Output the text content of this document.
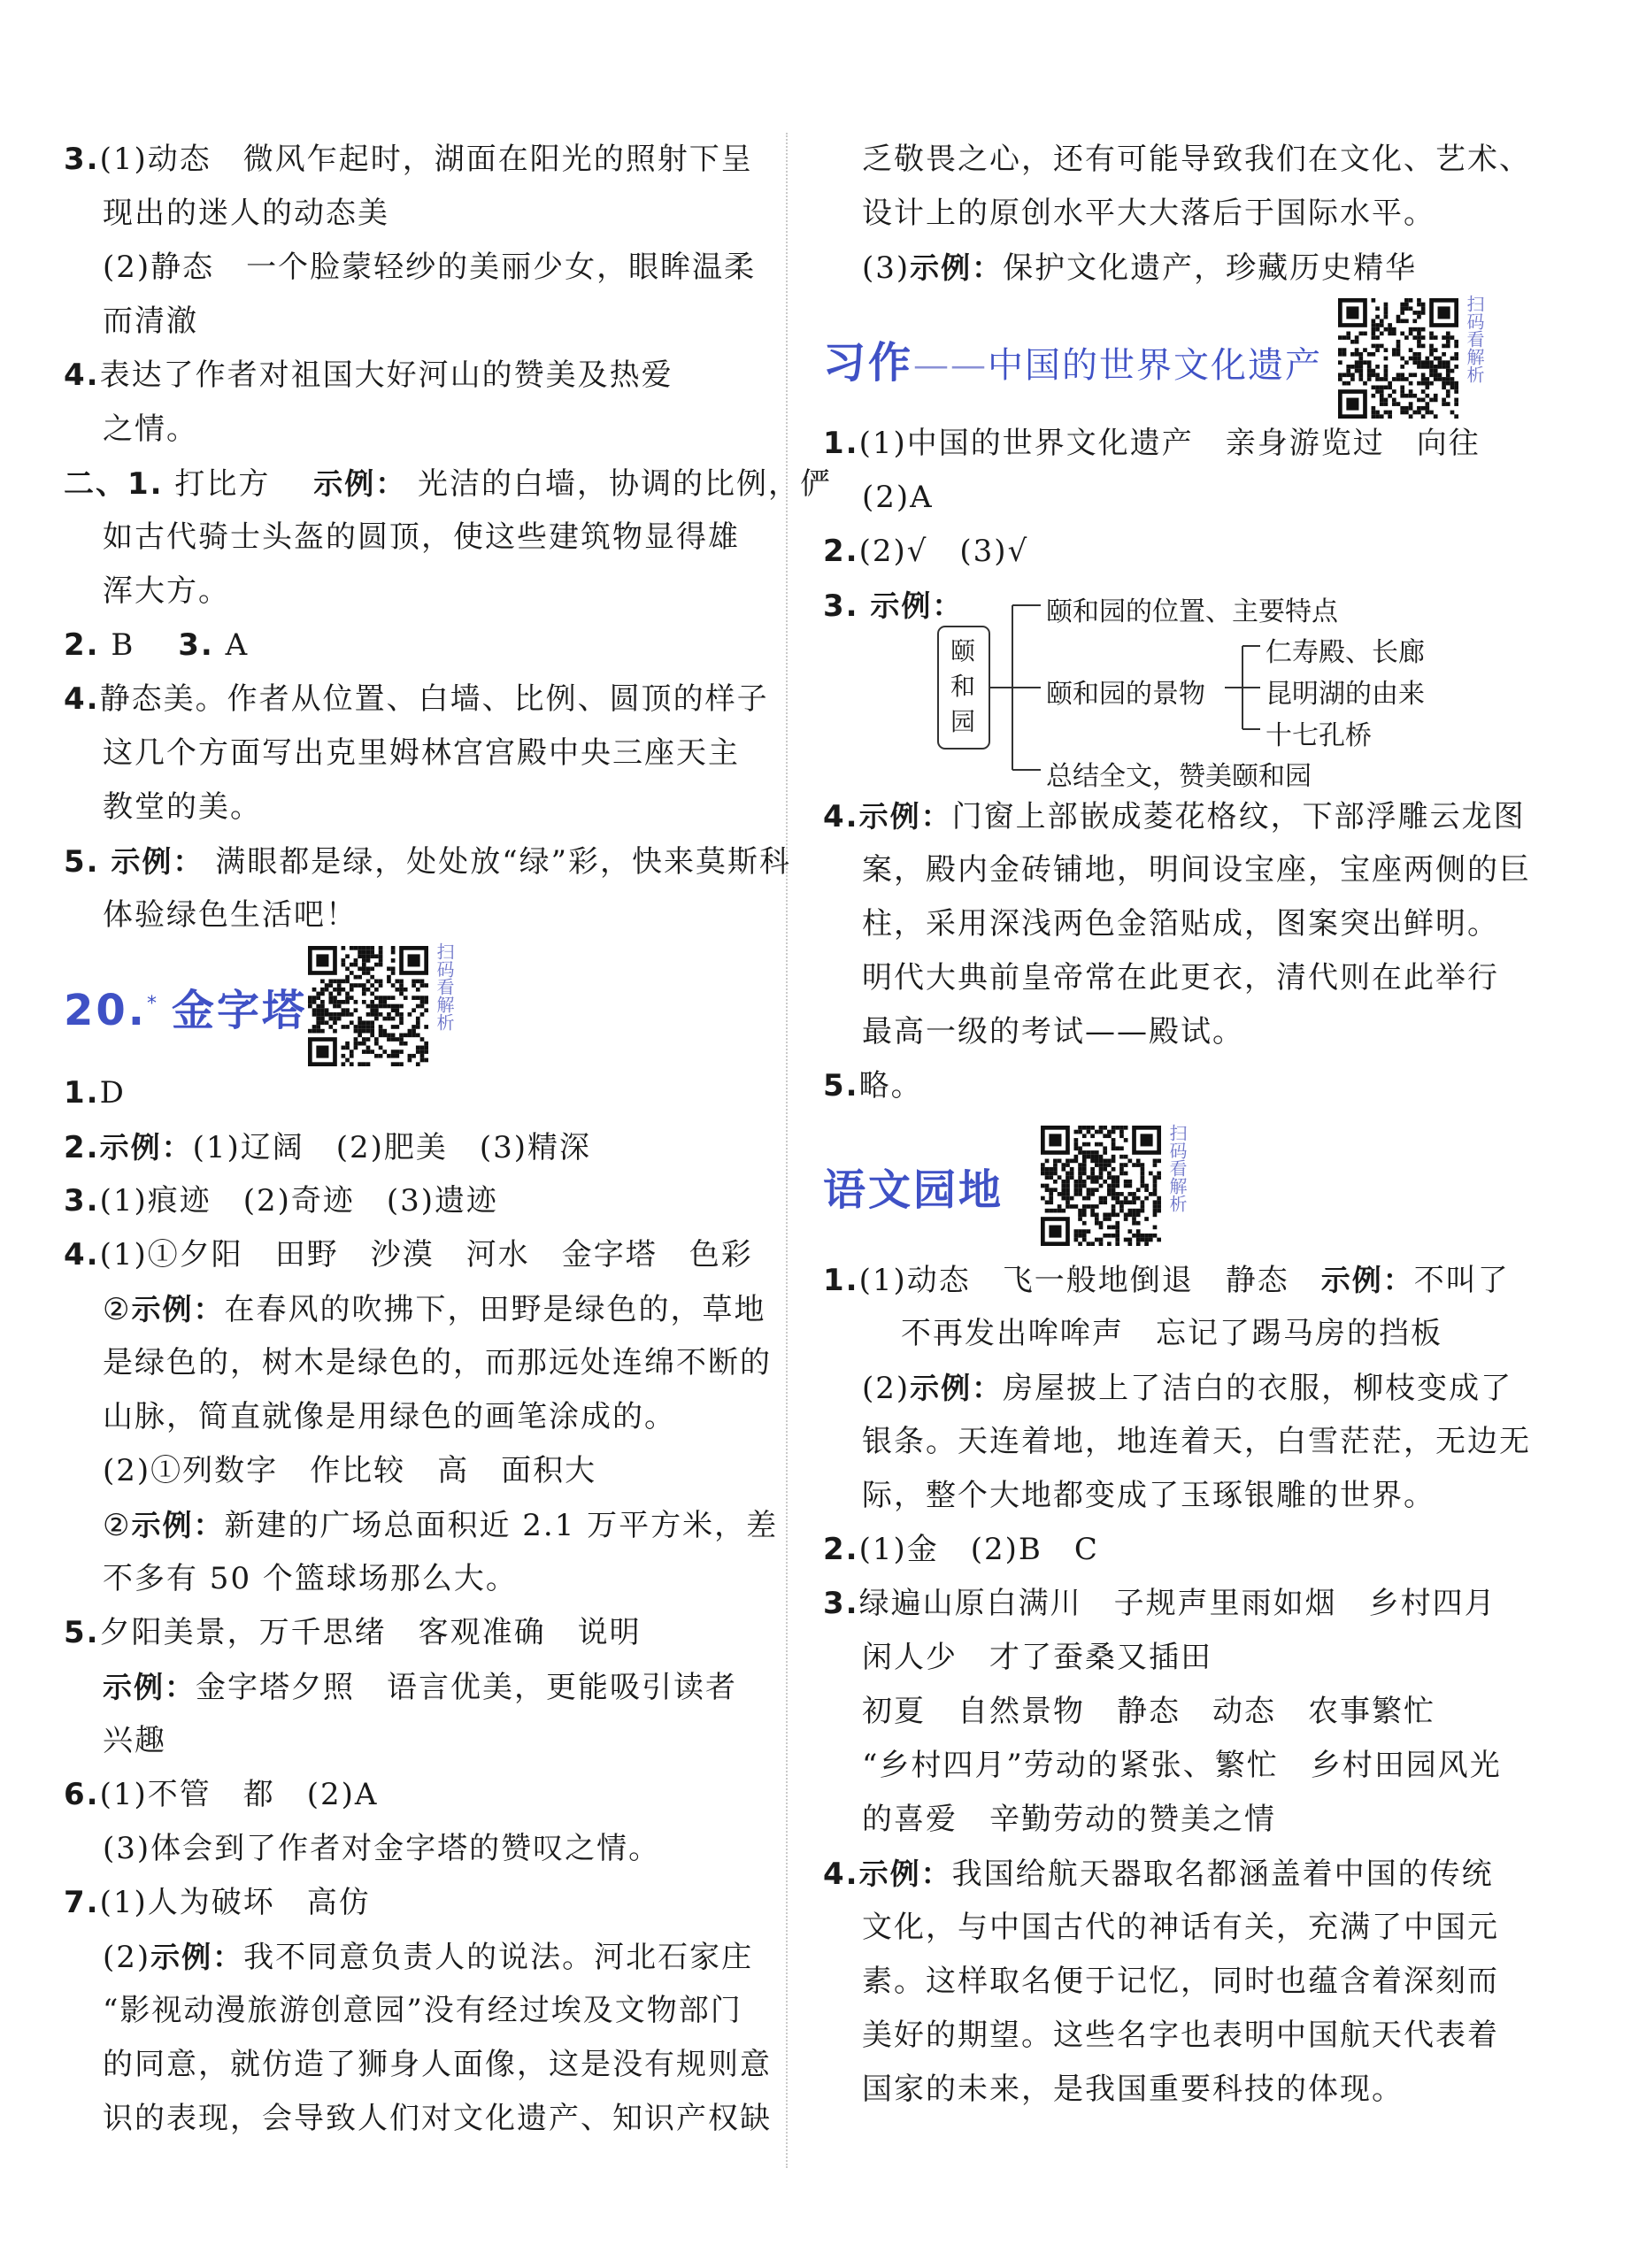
3.(1)动态　微风乍起时，湖面在阳光的照射下呈
现出的迷人的动态美
(2)静态　一个脸蒙轻纱的美丽少女，眼眸温柔
而清澈
4.表达了作者对祖国大好河山的赞美及热爱
之情。
二、1. 打比方　 示例： 光洁的白墙，协调的比例，俨
如古代骑士头盔的圆顶，使这些建筑物显得雄
浑大方。
2. B　 3. A
4.静态美。作者从位置、白墙、比例、圆顶的样子
这几个方面写出克里姆林宫宫殿中央三座天主
教堂的美。
5. 示例： 满眼都是绿，处处放“绿”彩，快来莫斯科
体验绿色生活吧！
20.* 金字塔	扫码看解析
1.D
2.示例：(1)辽阔　(2)肥美　(3)精深
3.(1)痕迹　(2)奇迹　(3)遗迹
4.(1)①夕阳　田野　沙漠　河水　金字塔　色彩
②示例：在春风的吹拂下，田野是绿色的，草地
是绿色的，树木是绿色的，而那远处连绵不断的
山脉，简直就像是用绿色的画笔涂成的。
(2)①列数字　作比较　高　面积大
②示例：新建的广场总面积近 2.1 万平方米，差
不多有 50 个篮球场那么大。
5.夕阳美景，万千思绪　客观准确　说明
示例：金字塔夕照　语言优美，更能吸引读者
兴趣
6.(1)不管　都　(2)A
(3)体会到了作者对金字塔的赞叹之情。
7.(1)人为破坏　高仿
(2)示例：我不同意负责人的说法。河北石家庄
“影视动漫旅游创意园”没有经过埃及文物部门
的同意，就仿造了狮身人面像，这是没有规则意
识的表现，会导致人们对文化遗产、知识产权缺
乏敬畏之心，还有可能导致我们在文化、艺术、
设计上的原创水平大大落后于国际水平。
(3)示例：保护文化遗产，珍藏历史精华
习作——中国的世界文化遗产	扫码看解析
1.(1)中国的世界文化遗产　亲身游览过　向往
(2)A
2.(2)√　(3)√
3. 示例：
颐和园
颐和园的位置、主要特点
颐和园的景物
仁寿殿、长廊
昆明湖的由来
十七孔桥
总结全文，赞美颐和园
4.示例：门窗上部嵌成菱花格纹，下部浮雕云龙图
案，殿内金砖铺地，明间设宝座，宝座两侧的巨
柱，采用深浅两色金箔贴成，图案突出鲜明。
明代大典前皇帝常在此更衣，清代则在此举行
最高一级的考试——殿试。
5.略。
语文园地	扫码看解析
1.(1)动态　飞一般地倒退　静态　示例：不叫了
不再发出哞哞声　忘记了踢马房的挡板
(2)示例：房屋披上了洁白的衣服，柳枝变成了
银条。天连着地，地连着天，白雪茫茫，无边无
际，整个大地都变成了玉琢银雕的世界。
2.(1)金　(2)B　C
3.绿遍山原白满川　子规声里雨如烟　乡村四月
闲人少　才了蚕桑又插田
初夏　自然景物　静态　动态　农事繁忙
“乡村四月”劳动的紧张、繁忙　乡村田园风光
的喜爱　辛勤劳动的赞美之情
4.示例：我国给航天器取名都涵盖着中国的传统
文化，与中国古代的神话有关，充满了中国元
素。这样取名便于记忆，同时也蕴含着深刻而
美好的期望。这些名字也表明中国航天代表着
国家的未来，是我国重要科技的体现。
